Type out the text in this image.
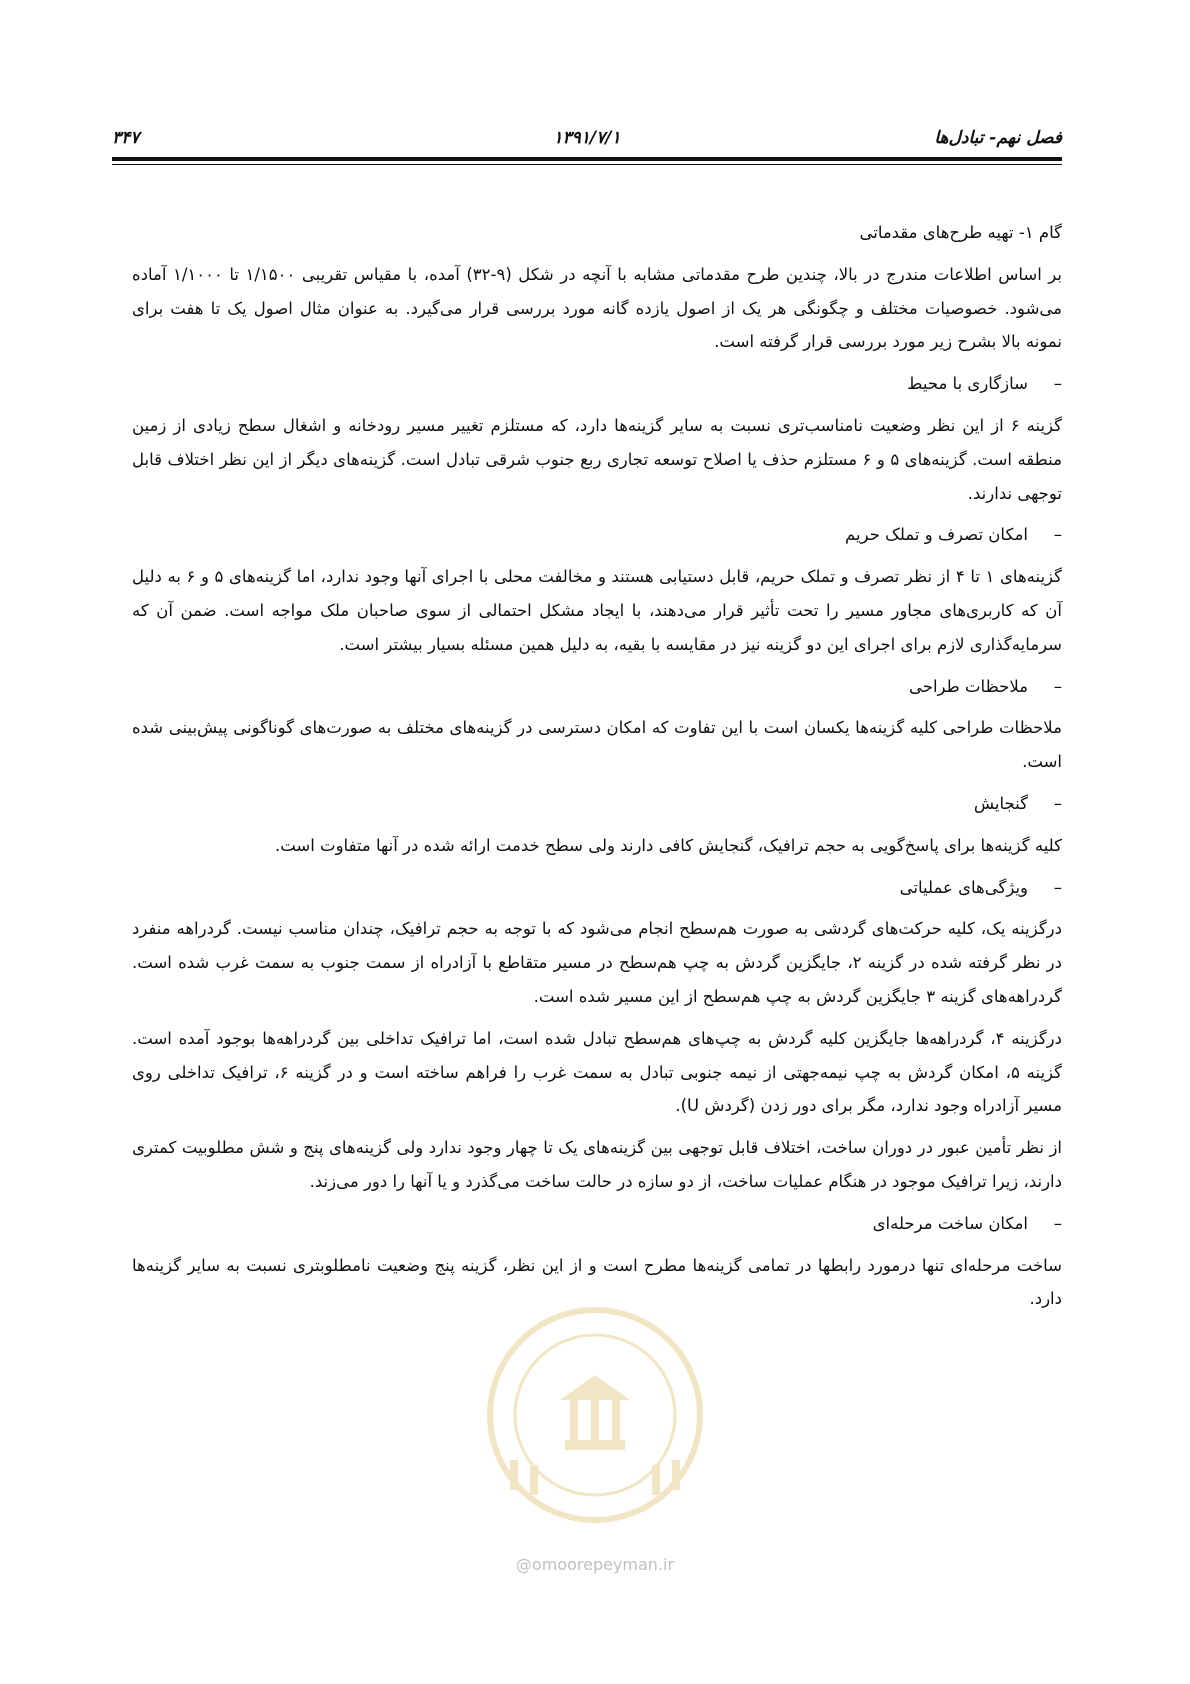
فصل نهم- تبادل‌ها
۱۳۹۱/۷/۱
۳۴۷

گام ۱- تهیه طرح‌های مقدماتی

بر اساس اطلاعات مندرج در بالا، چندین طرح مقدماتی مشابه با آنچه در شکل (۹-۳۲) آمده، با مقیاس تقریبی ۱/۱۵۰۰ تا ۱/۱۰۰۰ آماده می‌شود. خصوصیات مختلف و چگونگی هر یک از اصول یازده گانه مورد بررسی قرار می‌گیرد. به عنوان مثال اصول یک تا هفت برای نمونه بالا بشرح زیر مورد بررسی قرار گرفته است.

–سازگاری با محیط

گزینه ۶ از این نظر وضعیت نامناسب‌تری نسبت به سایر گزینه‌ها دارد، که مستلزم تغییر مسیر رودخانه و اشغال سطح زیادی از زمین منطقه است. گزینه‌های ۵ و ۶ مستلزم حذف یا اصلاح توسعه تجاری ربع جنوب شرقی تبادل است. گزینه‌های دیگر از این نظر اختلاف قابل توجهی ندارند.

–امکان تصرف و تملک حریم

گزینه‌های ۱ تا ۴ از نظر تصرف و تملک حریم، قابل دستیابی هستند و مخالفت محلی با اجرای آنها وجود ندارد، اما گزینه‌های ۵ و ۶ به دلیل آن که کاربری‌های مجاور مسیر را تحت تأثیر قرار می‌دهند، با ایجاد مشکل احتمالی از سوی صاحبان ملک مواجه است. ضمن آن که سرمایه‌گذاری لازم برای اجرای این دو گزینه نیز در مقایسه با بقیه، به دلیل همین مسئله بسیار بیشتر است.

–ملاحظات طراحی

ملاحظات طراحی کلیه گزینه‌ها یکسان است با این تفاوت که امکان دسترسی در گزینه‌های مختلف به صورت‌های گوناگونی پیش‌بینی شده است.

–گنجایش

کلیه گزینه‌ها برای پاسخ‌گویی به حجم ترافیک، گنجایش کافی دارند ولی سطح خدمت ارائه شده در آنها متفاوت است.

–ویژگی‌های عملیاتی

درگزینه یک، کلیه حرکت‌های گردشی به صورت هم‌سطح انجام می‌شود که با توجه به حجم ترافیک، چندان مناسب نیست. گردراهه منفرد در نظر گرفته شده در گزینه ۲، جایگزین گردش به چپ هم‌سطح در مسیر متقاطع با آزادراه از سمت جنوب به سمت غرب شده است. گردراهه‌های گزینه ۳ جایگزین گردش به چپ هم‌سطح از این مسیر شده است.

درگزینه ۴، گردراهه‌ها جایگزین کلیه گردش به چپ‌های هم‌سطح تبادل شده است، اما ترافیک تداخلی بین گردراهه‌ها بوجود آمده است. گزینه ۵، امکان گردش به چپ نیمه‌جهتی از نیمه جنوبی تبادل به سمت غرب را فراهم ساخته است و در گزینه ۶، ترافیک تداخلی روی مسیر آزادراه وجود ندارد، مگر برای دور زدن (گردش U).

از نظر تأمین عبور در دوران ساخت، اختلاف قابل توجهی بین گزینه‌های یک تا چهار وجود ندارد ولی گزینه‌های پنج و شش مطلوبیت کمتری دارند، زیرا ترافیک موجود در هنگام عملیات ساخت، از دو سازه در حالت ساخت می‌گذرد و یا آنها را دور می‌زند.

–امکان ساخت مرحله‌ای

ساخت مرحله‌ای تنها درمورد رابطها در تمامی گزینه‌ها مطرح است و از این نظر، گزینه پنج وضعیت نامطلوبتری نسبت به سایر گزینه‌ها دارد.

@omoorepeyman.ir
